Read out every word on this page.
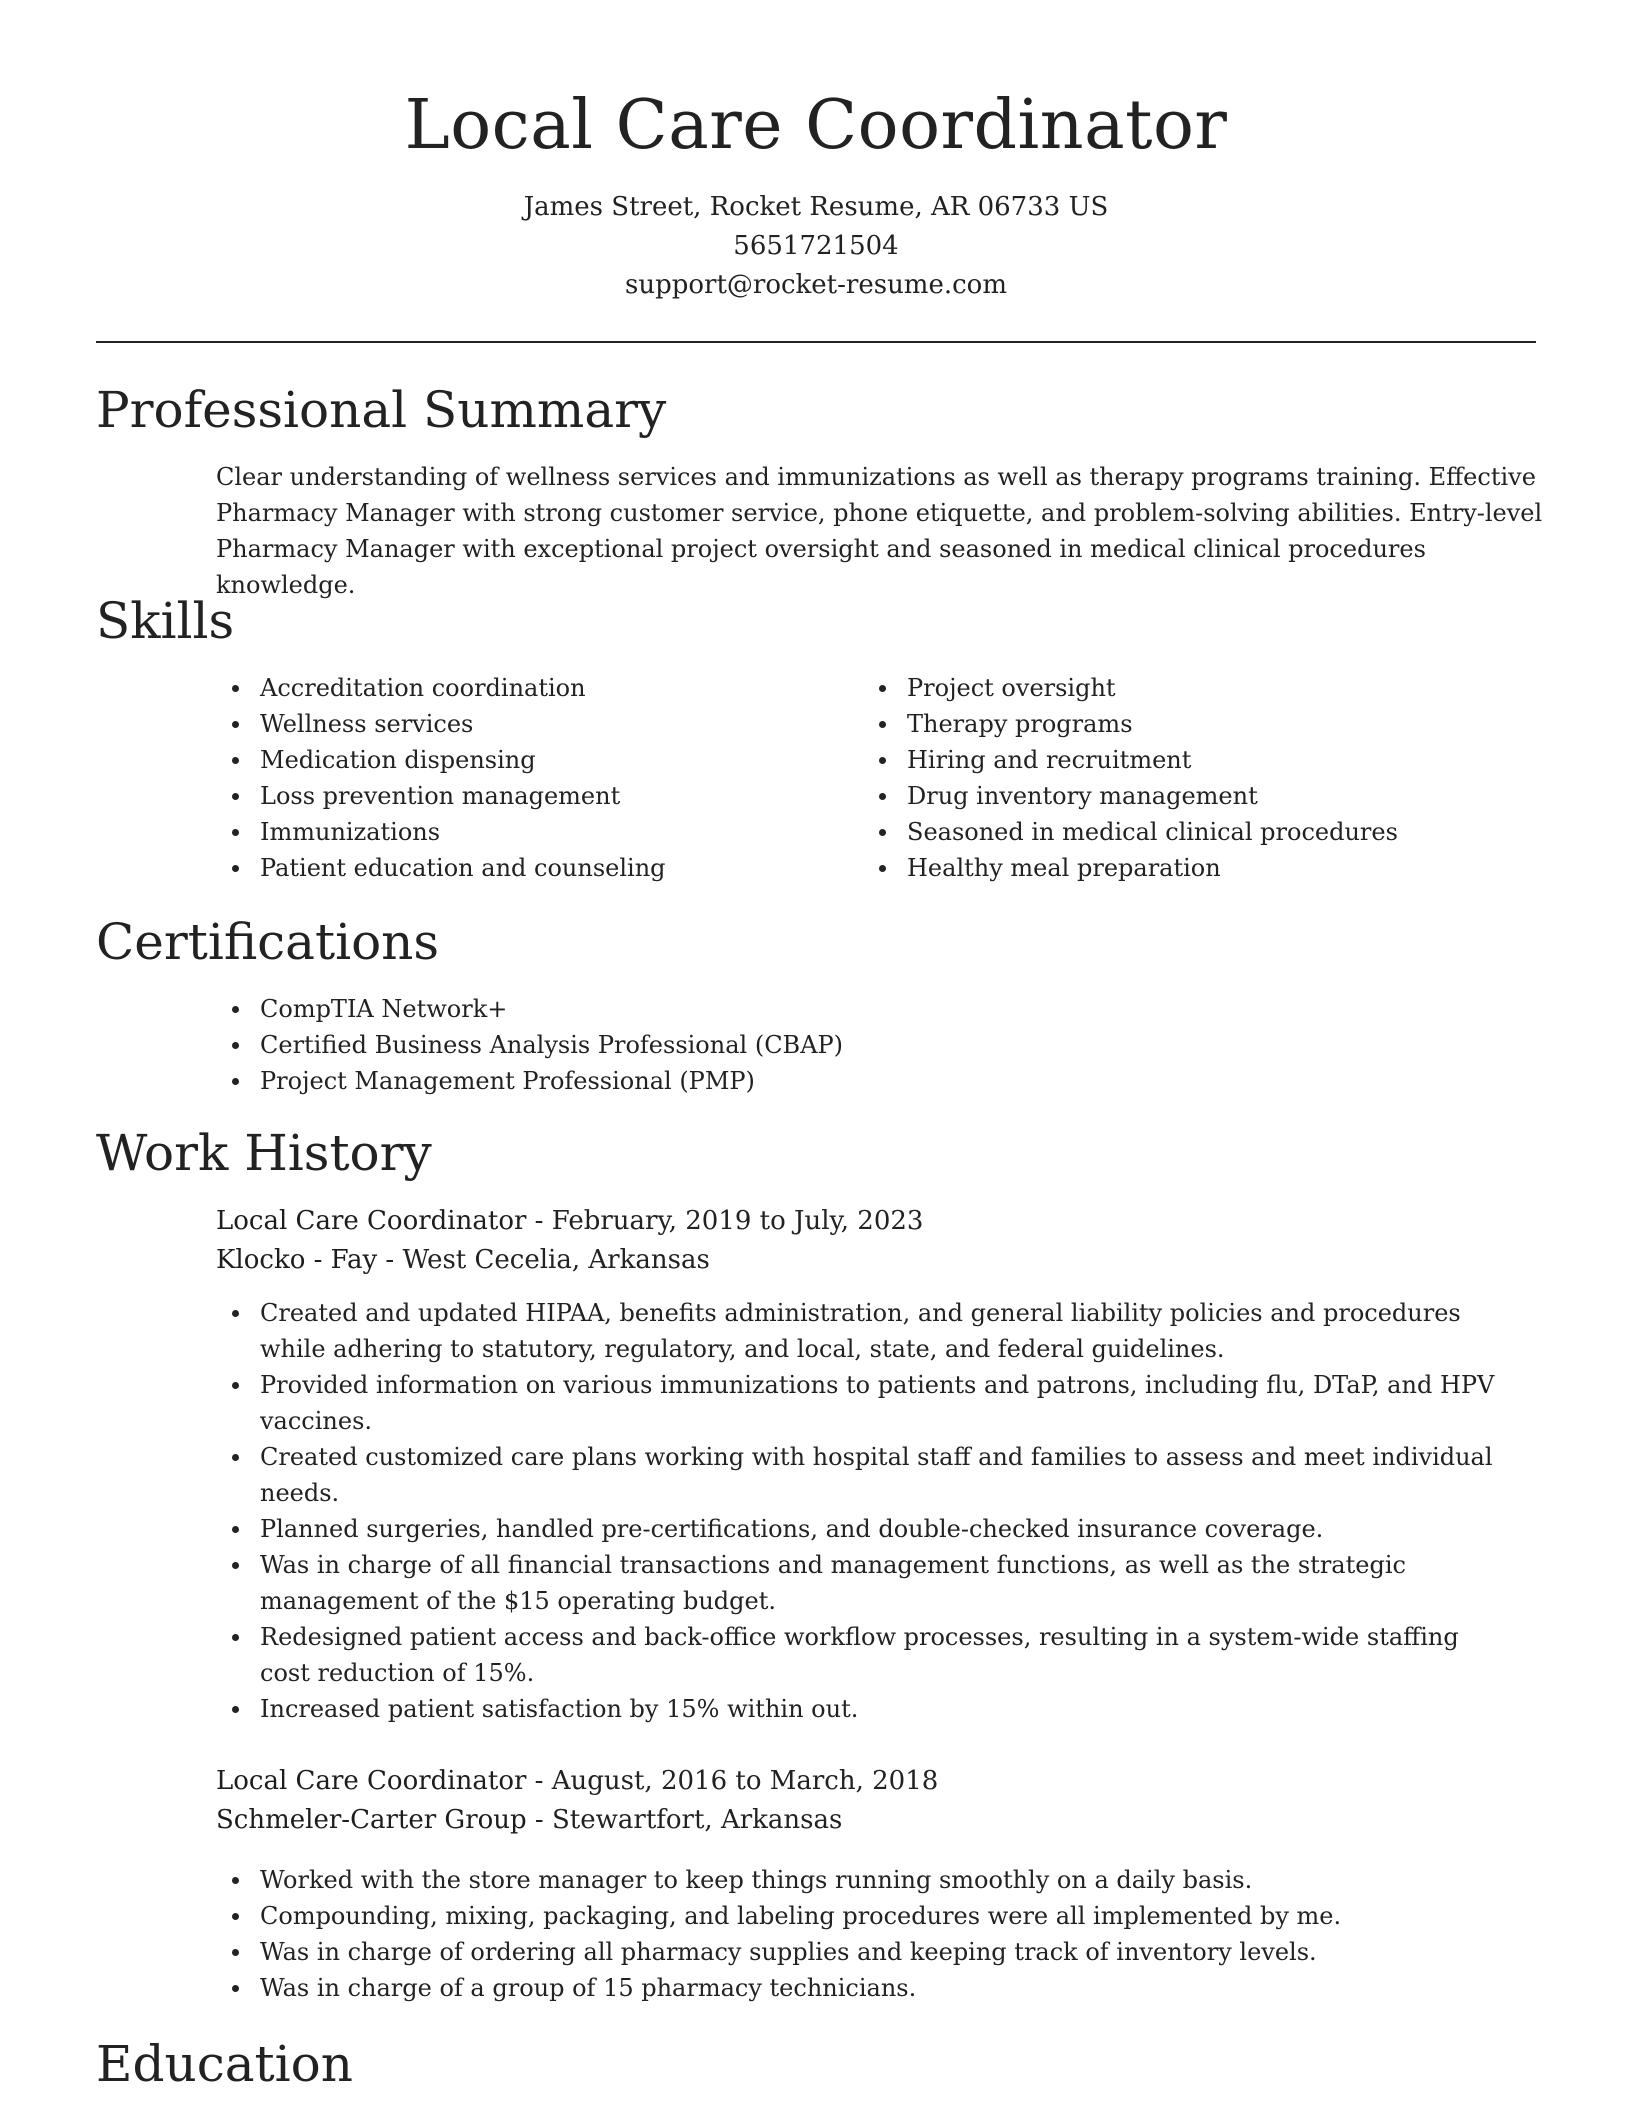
Local Care Coordinator
James Street, Rocket Resume, AR 06733 US
5651721504
support@rocket-resume.com
Professional Summary

Clear understanding of wellness services and immunizations as well as therapy programs training. Effective Pharmacy Manager with strong customer service, phone etiquette, and problem-solving abilities. Entry-level Pharmacy Manager with exceptional project oversight and seasoned in medical clinical procedures knowledge.

Skills
Accreditation coordination
Wellness services
Medication dispensing
Loss prevention management
Immunizations
Patient education and counseling
Project oversight
Therapy programs
Hiring and recruitment
Drug inventory management
Seasoned in medical clinical procedures
Healthy meal preparation
Certifications
CompTIA Network+
Certified Business Analysis Professional (CBAP)
Project Management Professional (PMP)
Work History
Local Care Coordinator - February, 2019 to July, 2023
Klocko - Fay - West Cecelia, Arkansas
Created and updated HIPAA, benefits administration, and general liability policies and procedures while adhering to statutory, regulatory, and local, state, and federal guidelines.
Provided information on various immunizations to patients and patrons, including flu, DTaP, and HPV vaccines.
Created customized care plans working with hospital staff and families to assess and meet individual needs.
Planned surgeries, handled pre-certifications, and double-checked insurance coverage.
Was in charge of all financial transactions and management functions, as well as the strategic management of the $15 operating budget.
Redesigned patient access and back-office workflow processes, resulting in a system-wide staffing cost reduction of 15%.
Increased patient satisfaction by 15% within out.
Local Care Coordinator - August, 2016 to March, 2018
Schmeler-Carter Group - Stewartfort, Arkansas
Worked with the store manager to keep things running smoothly on a daily basis.
Compounding, mixing, packaging, and labeling procedures were all implemented by me.
Was in charge of ordering all pharmacy supplies and keeping track of inventory levels.
Was in charge of a group of 15 pharmacy technicians.
Education
